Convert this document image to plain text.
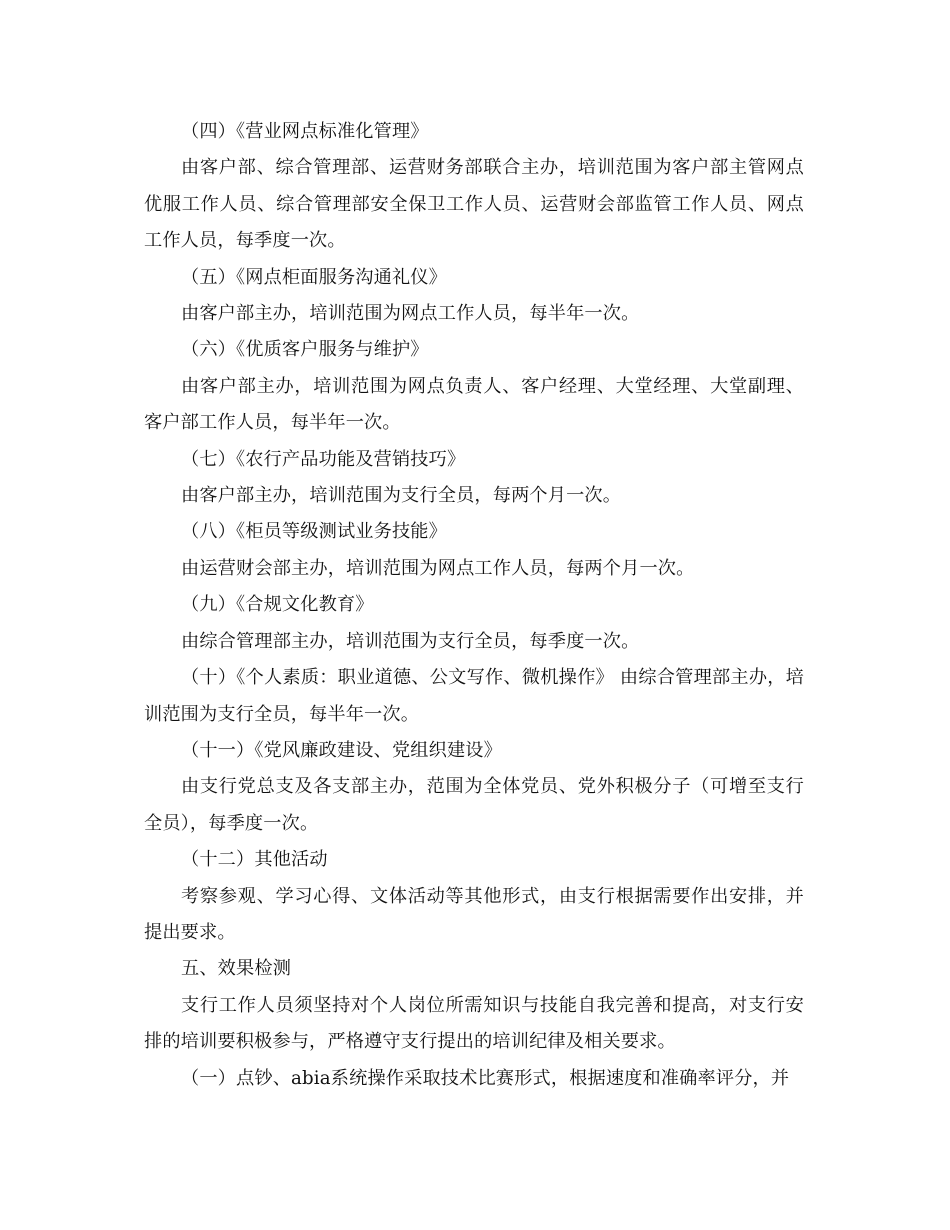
（四）《营业网点标准化管理》

由客户部、综合管理部、运营财务部联合主办，培训范围为客户部主管网点优服工作人员、综合管理部安全保卫工作人员、运营财会部监管工作人员、网点工作人员，每季度一次。

（五）《网点柜面服务沟通礼仪》

由客户部主办，培训范围为网点工作人员，每半年一次。

（六）《优质客户服务与维护》

由客户部主办，培训范围为网点负责人、客户经理、大堂经理、大堂副理、客户部工作人员，每半年一次。

（七）《农行产品功能及营销技巧》

由客户部主办，培训范围为支行全员，每两个月一次。

（八）《柜员等级测试业务技能》

由运营财会部主办，培训范围为网点工作人员，每两个月一次。

（九）《合规文化教育》

由综合管理部主办，培训范围为支行全员，每季度一次。

（十）《个人素质：职业道德、公文写作、微机操作》 由综合管理部主办，培训范围为支行全员，每半年一次。

（十一）《党风廉政建设、党组织建设》

由支行党总支及各支部主办，范围为全体党员、党外积极分子（可增至支行全员），每季度一次。

（十二）其他活动

考察参观、学习心得、文体活动等其他形式，由支行根据需要作出安排，并提出要求。

五、效果检测

支行工作人员须坚持对个人岗位所需知识与技能自我完善和提高，对支行安排的培训要积极参与，严格遵守支行提出的培训纪律及相关要求。

（一）点钞、abia系统操作采取技术比赛形式，根据速度和准确率评分，并
